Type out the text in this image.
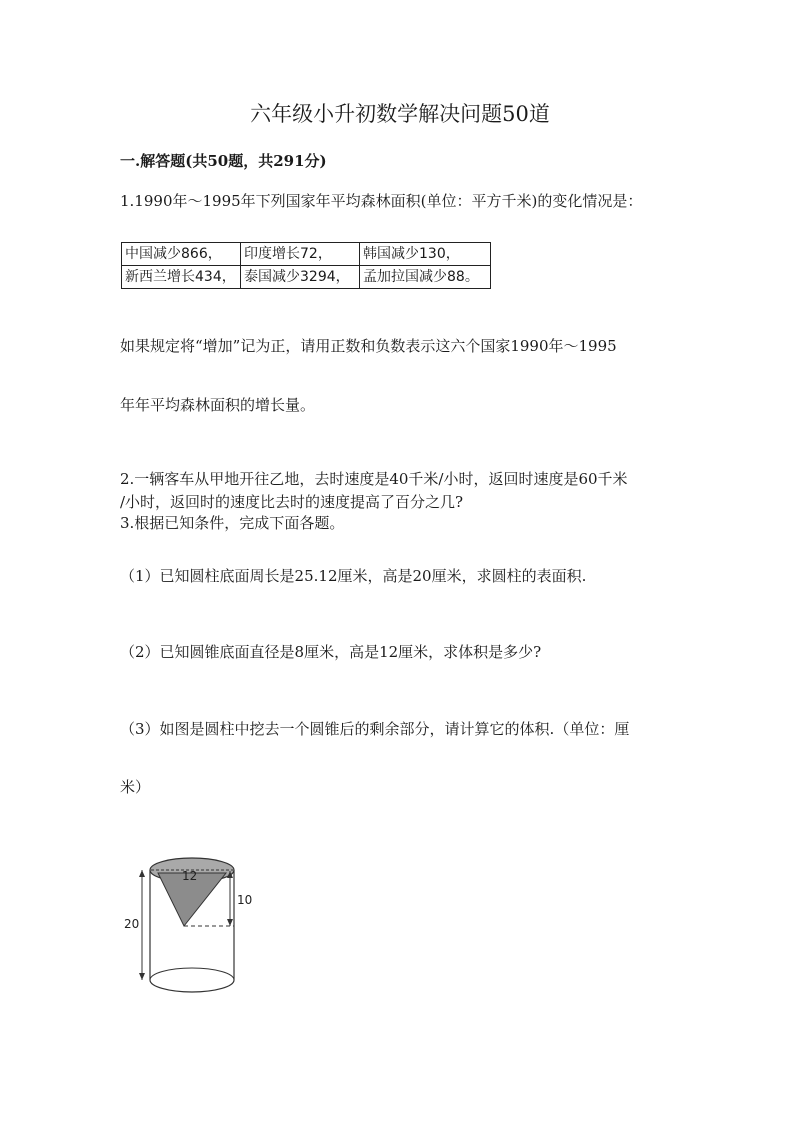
六年级小升初数学解决问题50道
一.解答题(共50题，共291分)
1.1990年～1995年下列国家年平均森林面积(单位：平方千米)的变化情况是：
中国减少866，	印度增长72，	韩国减少130，
新西兰增长434，	泰国减少3294，	孟加拉国减少88。
如果规定将“增加”记为正，请用正数和负数表示这六个国家1990年～1995
年年平均森林面积的增长量。
2.一辆客车从甲地开往乙地，去时速度是40千米/小时，返回时速度是60千米
/小时，返回时的速度比去时的速度提高了百分之几?
3.根据已知条件，完成下面各题。
（1）已知圆柱底面周长是25.12厘米，高是20厘米，求圆柱的表面积.
（2）已知圆锥底面直径是8厘米，高是12厘米，求体积是多少?
（3）如图是圆柱中挖去一个圆锥后的剩余部分，请计算它的体积.（单位：厘
米）
12
10
20
